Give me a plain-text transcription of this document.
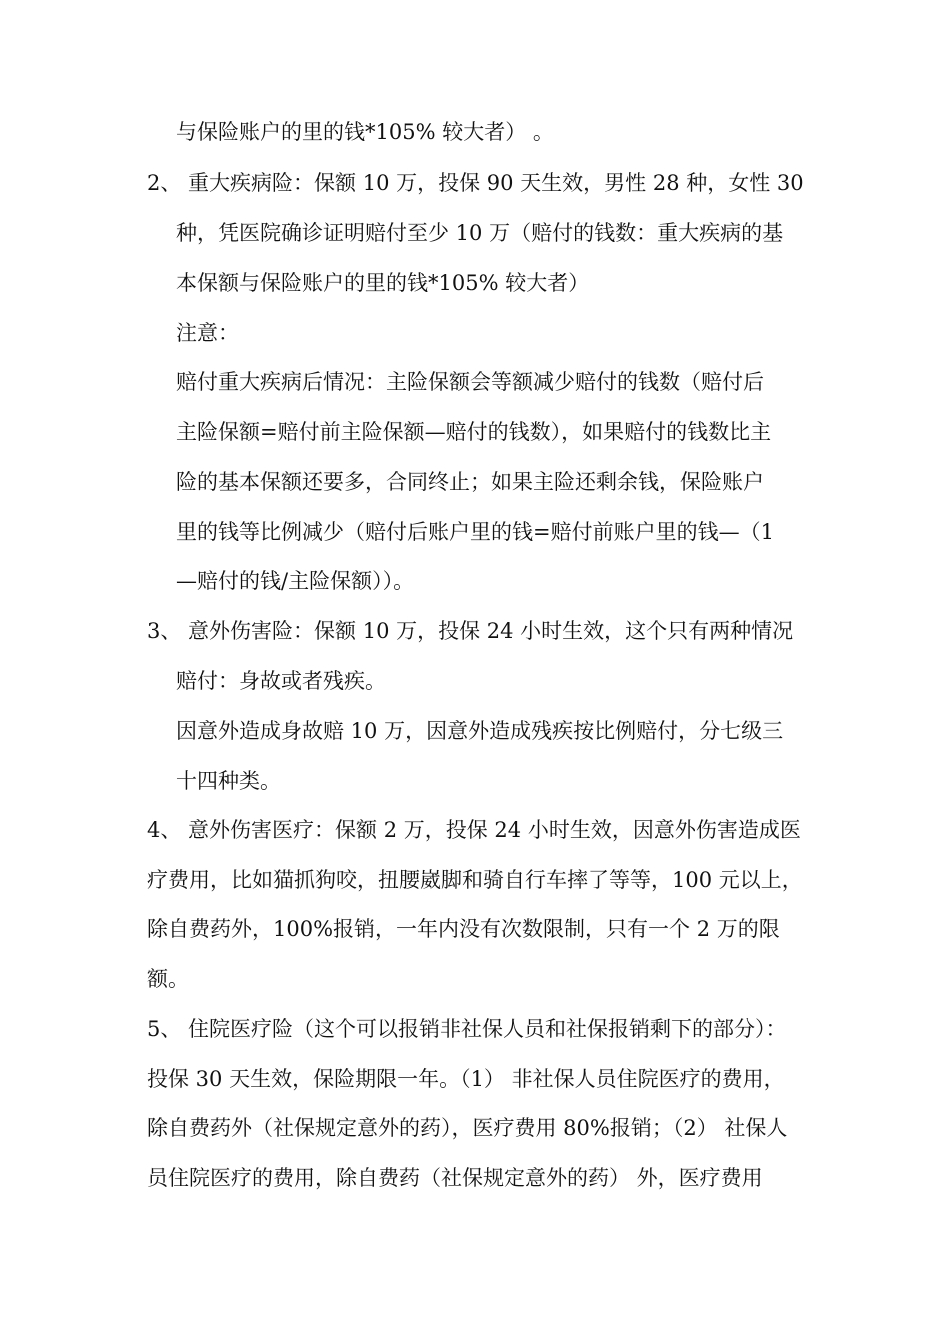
与保险账户的里的钱*105% 较大者） 。
2、 重大疾病险：保额 10 万，投保 90 天生效，男性 28 种，女性 30
种，凭医院确诊证明赔付至少 10 万（赔付的钱数：重大疾病的基
本保额与保险账户的里的钱*105% 较大者）
注意：
赔付重大疾病后情况：主险保额会等额减少赔付的钱数（赔付后
主险保额=赔付前主险保额—赔付的钱数），如果赔付的钱数比主
险的基本保额还要多，合同终止；如果主险还剩余钱，保险账户
里的钱等比例减少（赔付后账户里的钱=赔付前账户里的钱—（1
—赔付的钱/主险保额））。
3、 意外伤害险：保额 10 万，投保 24 小时生效，这个只有两种情况
赔付：身故或者残疾。
因意外造成身故赔 10 万，因意外造成残疾按比例赔付，分七级三
十四种类。
4、 意外伤害医疗：保额 2 万，投保 24 小时生效，因意外伤害造成医
疗费用，比如猫抓狗咬，扭腰崴脚和骑自行车摔了等等，100 元以上，
除自费药外，100%报销，一年内没有次数限制，只有一个 2 万的限
额。
5、 住院医疗险（这个可以报销非社保人员和社保报销剩下的部分）：
投保 30 天生效，保险期限一年。（1） 非社保人员住院医疗的费用，
除自费药外（社保规定意外的药），医疗费用 80%报销；（2） 社保人
员住院医疗的费用，除自费药（社保规定意外的药） 外，医疗费用
